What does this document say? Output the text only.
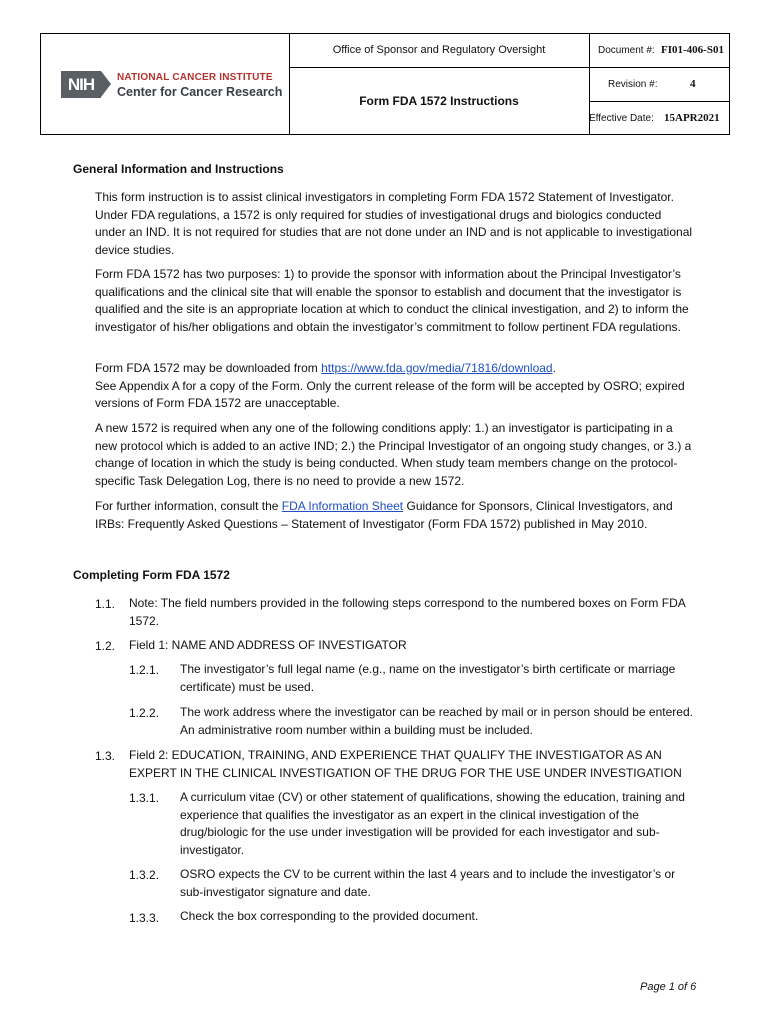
NIH	NATIONAL CANCER INSTITUTE
Center for Cancer Research
Office of Sponsor and Regulatory Oversight
Form FDA 1572 Instructions
Document #: FI01-406-S01
Revision #:	4
Effective Date: 15APR2021
General Information and Instructions
This form instruction is to assist clinical investigators in completing Form FDA 1572 Statement of Investigator. Under FDA regulations, a 1572 is only required for studies of investigational drugs and biologics conducted under an IND. It is not required for studies that are not done under an IND and is not applicable to investigational device studies.
Form FDA 1572 has two purposes: 1) to provide the sponsor with information about the Principal Investigator’s qualifications and the clinical site that will enable the sponsor to establish and document that the investigator is qualified and the site is an appropriate location at which to conduct the clinical investigation, and 2) to inform the investigator of his/her obligations and obtain the investigator’s commitment to follow pertinent FDA regulations.
Form FDA 1572 may be downloaded from https://www.fda.gov/media/71816/download.
See Appendix A for a copy of the Form. Only the current release of the form will be accepted by OSRO; expired versions of Form FDA 1572 are unacceptable.
A new 1572 is required when any one of the following conditions apply: 1.) an investigator is participating in a new protocol which is added to an active IND; 2.) the Principal Investigator of an ongoing study changes, or 3.) a change of location in which the study is being conducted. When study team members change on the protocol-specific Task Delegation Log, there is no need to provide a new 1572.
For further information, consult the FDA Information Sheet Guidance for Sponsors, Clinical Investigators, and IRBs: Frequently Asked Questions – Statement of Investigator (Form FDA 1572) published in May 2010.
Completing Form FDA 1572
1.1. Note: The field numbers provided in the following steps correspond to the numbered boxes on Form FDA 1572.
1.2. Field 1: NAME AND ADDRESS OF INVESTIGATOR
1.2.1. The investigator’s full legal name (e.g., name on the investigator’s birth certificate or marriage certificate) must be used.
1.2.2. The work address where the investigator can be reached by mail or in person should be entered. An administrative room number within a building must be included.
1.3. Field 2: EDUCATION, TRAINING, AND EXPERIENCE THAT QUALIFY THE INVESTIGATOR AS AN EXPERT IN THE CLINICAL INVESTIGATION OF THE DRUG FOR THE USE UNDER INVESTIGATION
1.3.1. A curriculum vitae (CV) or other statement of qualifications, showing the education, training and experience that qualifies the investigator as an expert in the clinical investigation of the drug/biologic for the use under investigation will be provided for each investigator and sub-investigator.
1.3.2. OSRO expects the CV to be current within the last 4 years and to include the investigator’s or sub-investigator signature and date.
1.3.3. Check the box corresponding to the provided document.
Page 1 of 6
